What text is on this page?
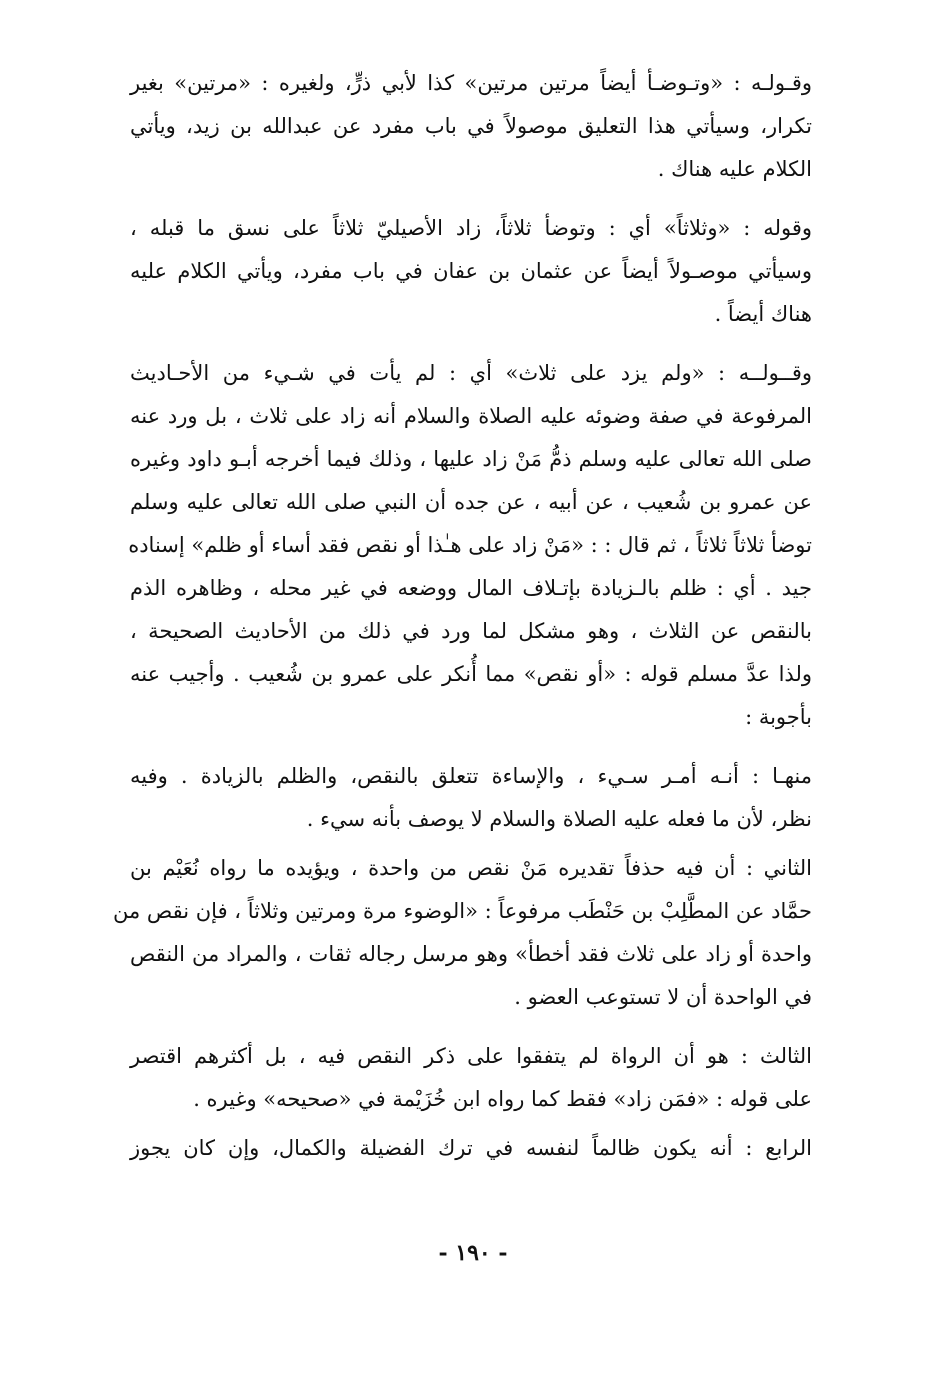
وقـولـه : «وتـوضـأ أيضاً مرتين مرتين» كذا لأبي ذرٍّ، ولغيره : «مرتين» بغير
تكرار، وسيأتي هذا التعليق موصولاً في باب مفرد عن عبدالله بن زيد، ويأتي
الكلام عليه هناك .

وقوله : «وثلاثاً» أي : وتوضأ ثلاثاً، زاد الأصيليّ ثلاثاً على نسق ما قبله ،
وسيأتي موصـولاً أيضاً عن عثمان بن عفان في باب مفرد، ويأتي الكلام عليه
هناك أيضاً .

وقــولــه : «ولم يزد على ثلاث» أي : لم يأت في شـيء من الأحـاديث
المرفوعة في صفة وضوئه عليه الصلاة والسلام أنه زاد على ثلاث ، بل ورد عنه
صلى الله تعالى عليه وسلم ذمُّ مَنْ زاد عليها ، وذلك فيما أخرجه أبـو داود وغيره
عن عمرو بن شُعيب ، عن أبيه ، عن جده أن النبي صلى الله تعالى عليه وسلم
توضأ ثلاثاً ثلاثاً ، ثم قال : : «مَنْ زاد على هـٰذا أو نقص فقد أساء أو ظلم» إسناده
جيد . أي : ظلم بالـزيادة بإتـلاف المال ووضعه في غير محله ، وظاهره الذم
بالنقص عن الثلاث ، وهو مشكل لما ورد في ذلك من الأحاديث الصحيحة ،
ولذا عدَّ مسلم قوله : «أو نقص» مما أُنكر على عمرو بن شُعيب . وأجيب عنه
بأجوبة :

منهـا : أنـه أمـر سـيء ، والإساءة تتعلق بالنقص، والظلم بالزيادة . وفيه
نظر، لأن ما فعله عليه الصلاة والسلام لا يوصف بأنه سيء .

الثاني : أن فيه حذفاً تقديره مَنْ نقص من واحدة ، ويؤيده ما رواه نُعَيْم بن
حمَّاد عن المطَّلِبْ بن حَنْطَب مرفوعاً : «الوضوء مرة ومرتين وثلاثاً ، فإن نقص من
واحدة أو زاد على ثلاث فقد أخطأ» وهو مرسل رجاله ثقات ، والمراد من النقص
في الواحدة أن لا تستوعب العضو .

الثالث : هو أن الرواة لم يتفقوا على ذكر النقص فيه ، بل أكثرهم اقتصر
على قوله : «فمَن زاد» فقط كما رواه ابن خُزَيْمة في «صحيحه» وغيره .

الرابع : أنه يكون ظالماً لنفسه في ترك الفضيلة والكمال، وإن كان يجوز

- ١٩٠ -
